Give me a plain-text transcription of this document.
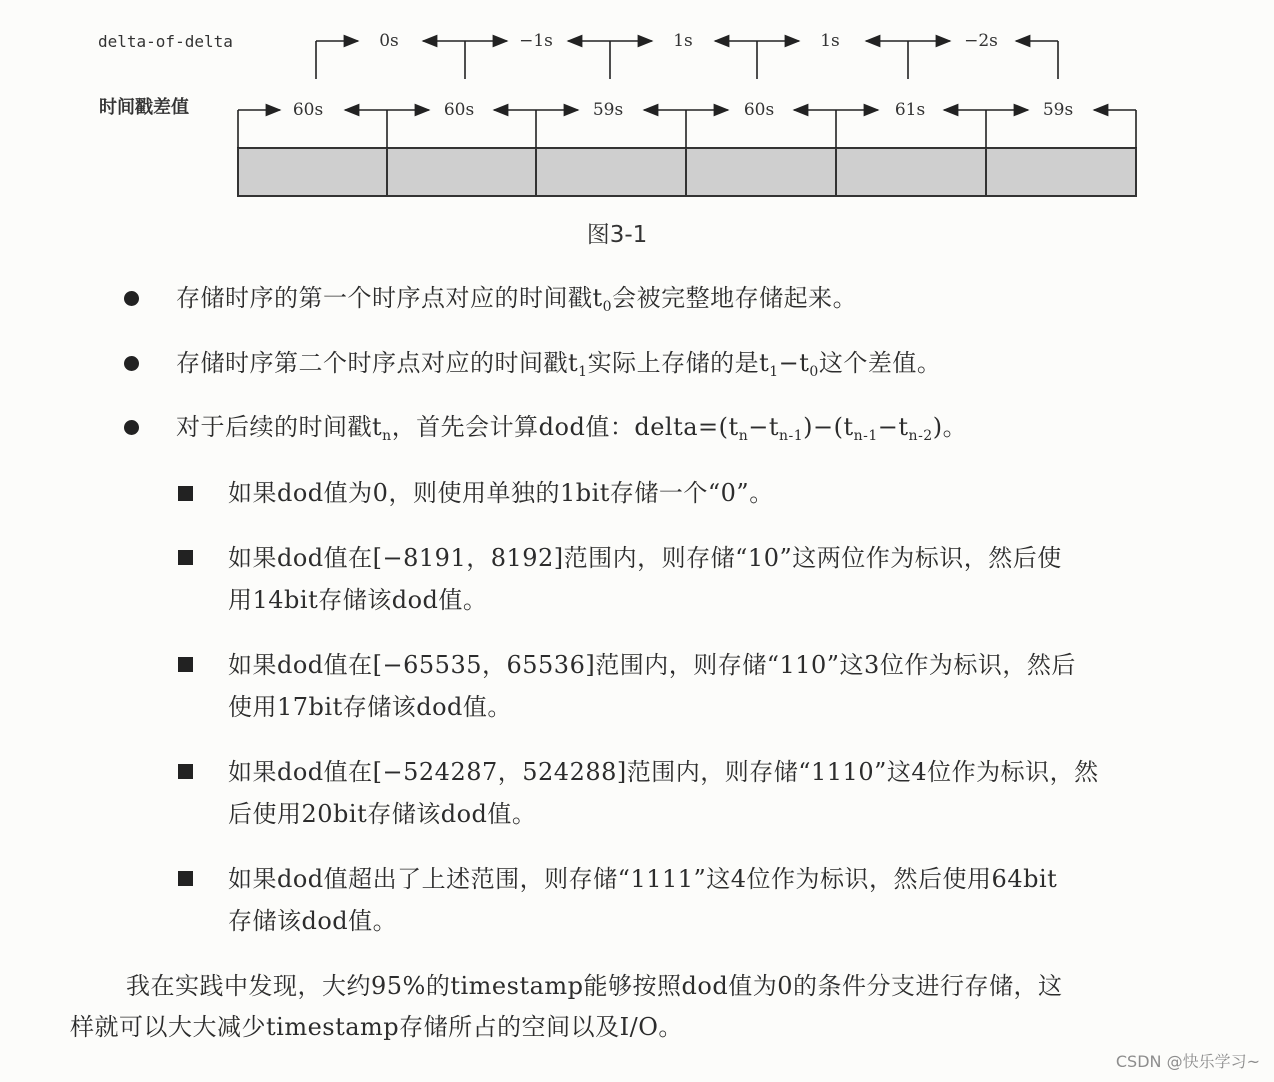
delta-of-delta
时间戳差值
0s	−1s	1s	1s	−2s
60s	60s	59s	60s	61s	59s
图3-1
存储时序的第一个时序点对应的时间戳$t_0$会被完整地存储起来。
存储时序第二个时序点对应的时间戳$t_1$实际上存储的是$t_1-t_0$这个差值。
对于后续的时间戳$t_n$，首先会计算dod值：$delta=(t_n-t_{n-1})-(t_{n-1}-t_{n-2})$。
如果dod值为0，则使用单独的1bit存储一个“0”。
如果dod值在[−8191，8192]范围内，则存储“10”这两位作为标识，然后使
用14bit存储该dod值。
如果dod值在[−65535，65536]范围内，则存储“110”这3位作为标识，然后
使用17bit存储该dod值。
如果dod值在[−524287，524288]范围内，则存储“1110”这4位作为标识，然
后使用20bit存储该dod值。
如果dod值超出了上述范围，则存储“1111”这4位作为标识，然后使用64bit
存储该dod值。
我在实践中发现，大约95%的timestamp能够按照dod值为0的条件分支进行存储，这
样就可以大大减少timestamp存储所占的空间以及I/O。
CSDN @快乐学习~
